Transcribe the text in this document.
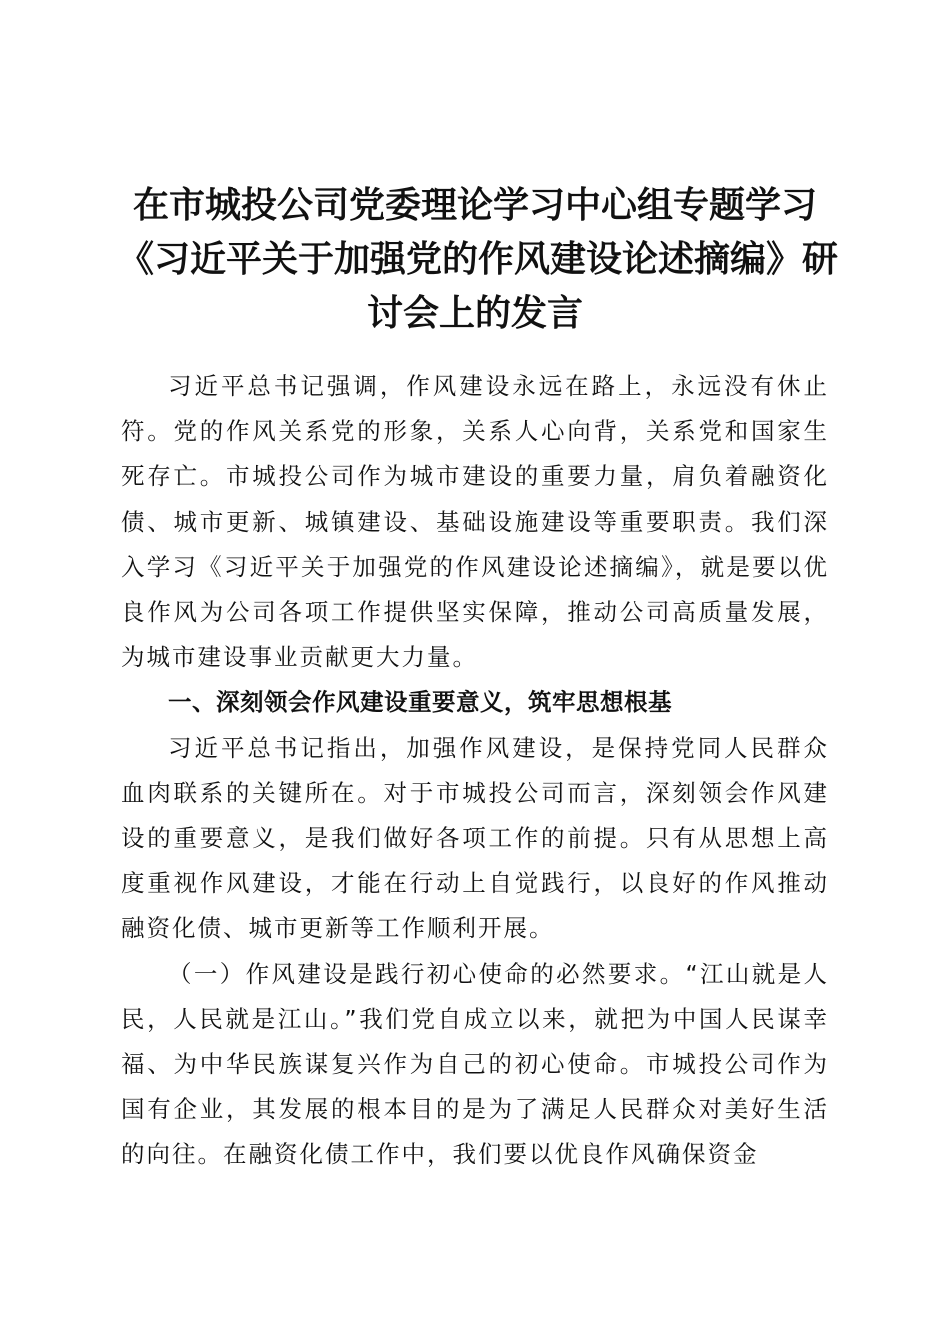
在市城投公司党委理论学习中心组专题学习
《习近平关于加强党的作风建设论述摘编》研
讨会上的发言

习近平总书记强调，作风建设永远在路上，永远没有休止符。党的作风关系党的形象，关系人心向背，关系党和国家生死存亡。市城投公司作为城市建设的重要力量，肩负着融资化债、城市更新、城镇建设、基础设施建设等重要职责。我们深入学习《习近平关于加强党的作风建设论述摘编》，就是要以优良作风为公司各项工作提供坚实保障，推动公司高质量发展，为城市建设事业贡献更大力量。

一、深刻领会作风建设重要意义，筑牢思想根基

习近平总书记指出，加强作风建设，是保持党同人民群众血肉联系的关键所在。对于市城投公司而言，深刻领会作风建设的重要意义，是我们做好各项工作的前提。只有从思想上高度重视作风建设，才能在行动上自觉践行，以良好的作风推动融资化债、城市更新等工作顺利开展。

（一）作风建设是践行初心使命的必然要求。“江山就是人民，人民就是江山。”我们党自成立以来，就把为中国人民谋幸福、为中华民族谋复兴作为自己的初心使命。市城投公司作为国有企业，其发展的根本目的是为了满足人民群众对美好生活的向往。在融资化债工作中，我们要以优良作风确保资金
